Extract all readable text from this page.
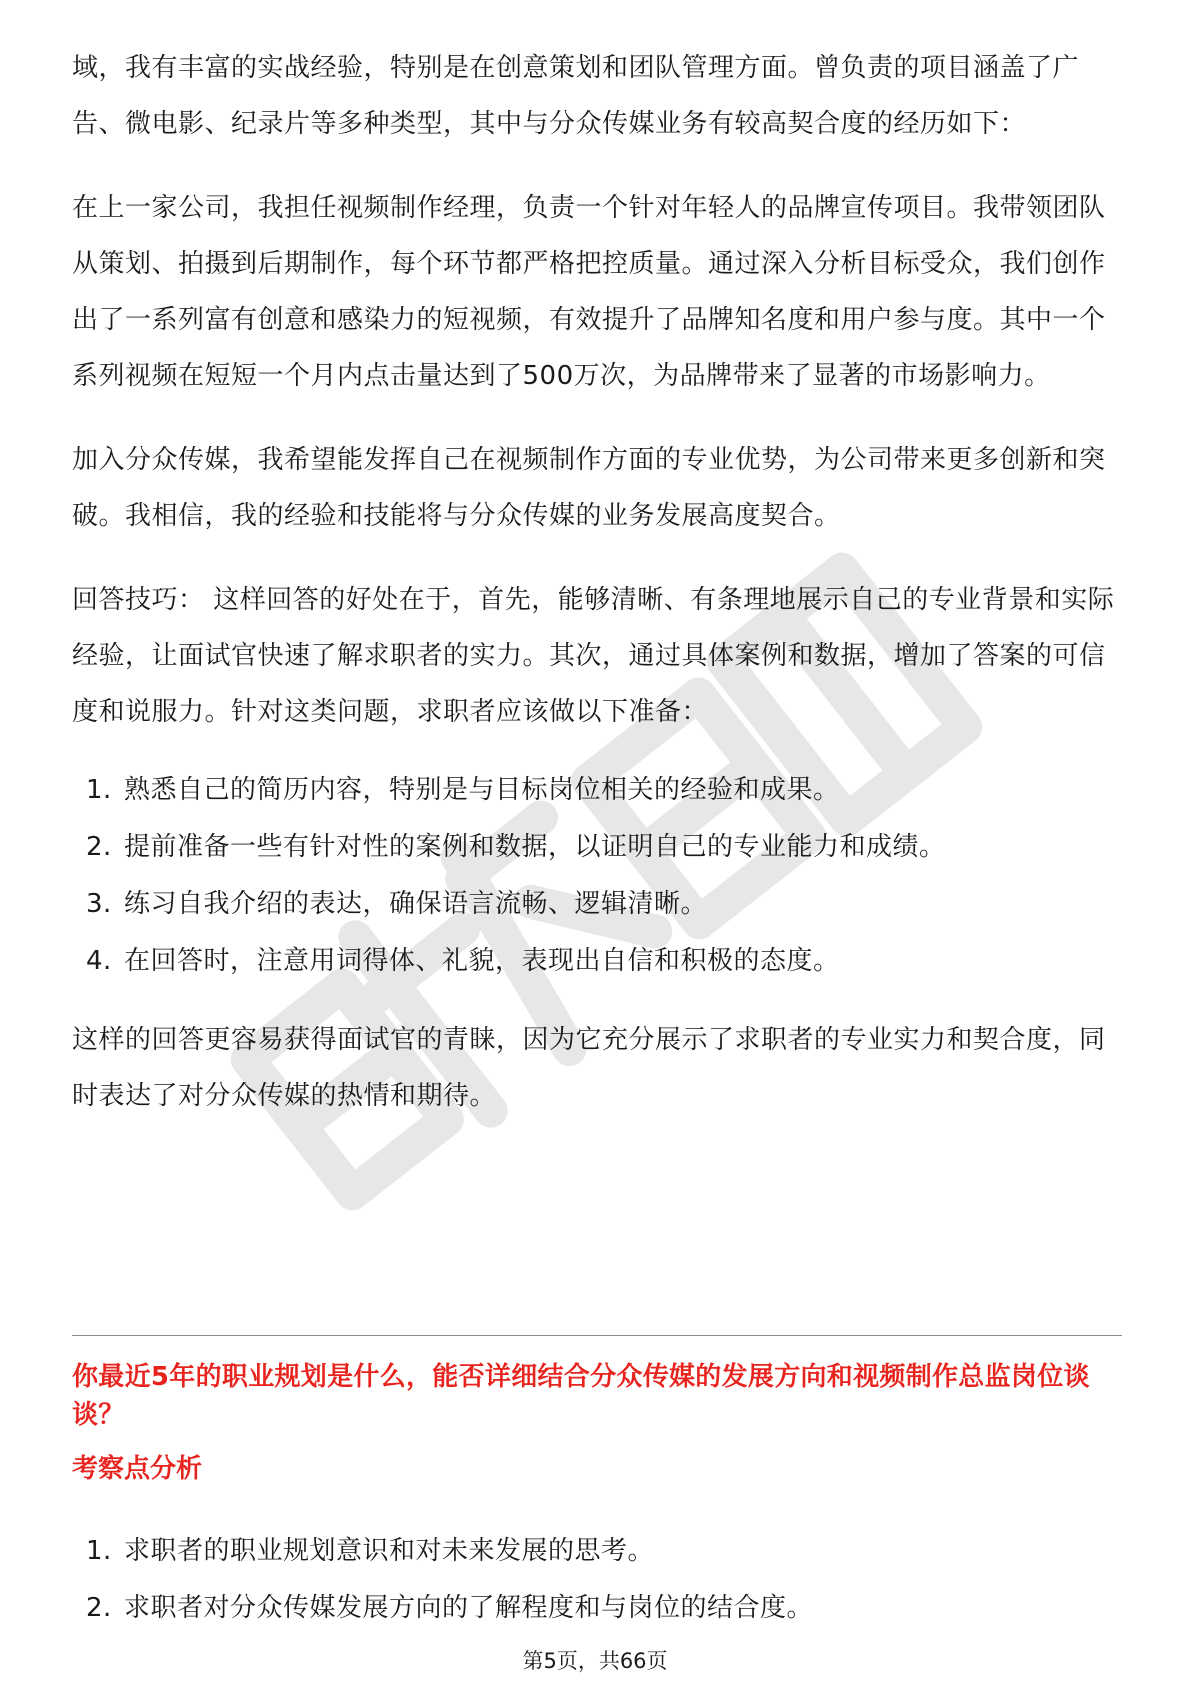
域，我有丰富的实战经验，特别是在创意策划和团队管理方面。曾负责的项目涵盖了广告、微电影、纪录片等多种类型，其中与分众传媒业务有较高契合度的经历如下：

在上一家公司，我担任视频制作经理，负责一个针对年轻人的品牌宣传项目。我带领团队从策划、拍摄到后期制作，每个环节都严格把控质量。通过深入分析目标受众，我们创作出了一系列富有创意和感染力的短视频，有效提升了品牌知名度和用户参与度。其中一个系列视频在短短一个月内点击量达到了500万次，为品牌带来了显著的市场影响力。

加入分众传媒，我希望能发挥自己在视频制作方面的专业优势，为公司带来更多创新和突破。我相信，我的经验和技能将与分众传媒的业务发展高度契合。

回答技巧： 这样回答的好处在于，首先，能够清晰、有条理地展示自己的专业背景和实际经验，让面试官快速了解求职者的实力。其次，通过具体案例和数据，增加了答案的可信度和说服力。针对这类问题，求职者应该做以下准备：

1. 熟悉自己的简历内容，特别是与目标岗位相关的经验和成果。
2. 提前准备一些有针对性的案例和数据，以证明自己的专业能力和成绩。
3. 练习自我介绍的表达，确保语言流畅、逻辑清晰。
4. 在回答时，注意用词得体、礼貌，表现出自信和积极的态度。

这样的回答更容易获得面试官的青睐，因为它充分展示了求职者的专业实力和契合度，同时表达了对分众传媒的热情和期待。

你最近5年的职业规划是什么，能否详细结合分众传媒的发展方向和视频制作总监岗位谈谈？

考察点分析

1. 求职者的职业规划意识和对未来发展的思考。
2. 求职者对分众传媒发展方向的了解程度和与岗位的结合度。
第5页，共66页
